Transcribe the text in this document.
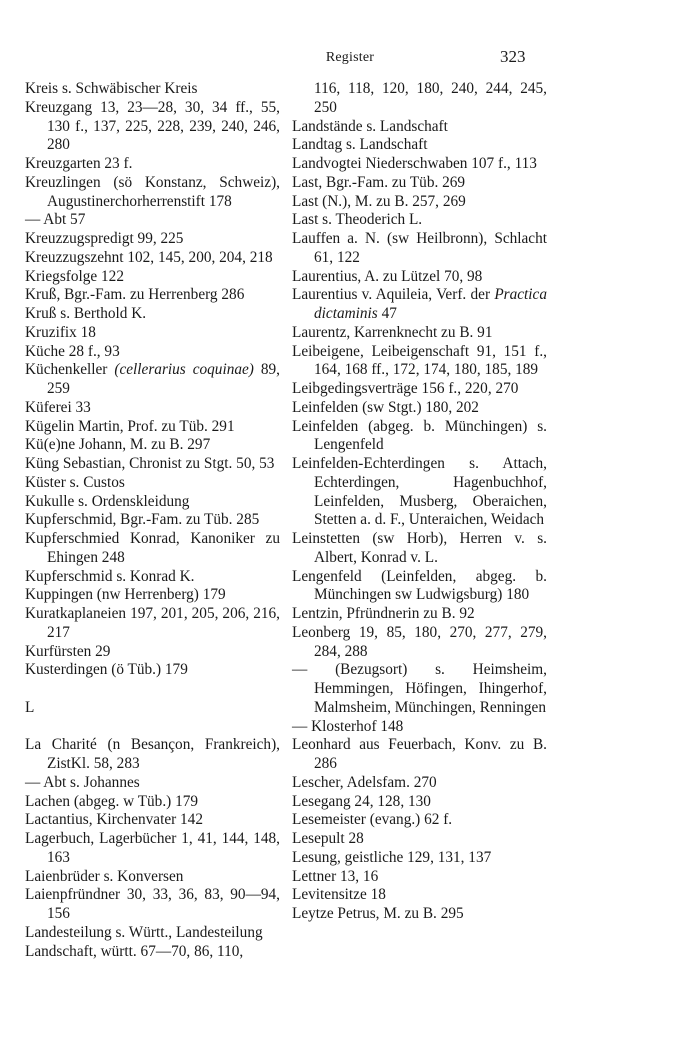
Register	323
Kreis s. Schwäbischer Kreis
Kreuzgang 13, 23—28, 30, 34 ff., 55, 130 f., 137, 225, 228, 239, 240, 246, 280
Kreuzgarten 23 f.
Kreuzlingen (sö Konstanz, Schweiz), Augustinerchorherrenstift 178
— Abt 57
Kreuzzugspredigt 99, 225
Kreuzzugszehnt 102, 145, 200, 204, 218
Kriegsfolge 122
Kruß, Bgr.-Fam. zu Herrenberg 286
Kruß s. Berthold K.
Kruzifix 18
Küche 28 f., 93
Küchenkeller (cellerarius coquinae) 89, 259
Küferei 33
Kügelin Martin, Prof. zu Tüb. 291
Kü(e)ne Johann, M. zu B. 297
Küng Sebastian, Chronist zu Stgt. 50, 53
Küster s. Custos
Kukulle s. Ordenskleidung
Kupferschmid, Bgr.-Fam. zu Tüb. 285
Kupferschmied Konrad, Kanoniker zu Ehingen 248
Kupferschmid s. Konrad K.
Kuppingen (nw Herrenberg) 179
Kuratkaplaneien 197, 201, 205, 206, 216, 217
Kurfürsten 29
Kusterdingen (ö Tüb.) 179
L
La Charité (n Besançon, Frankreich), ZistKl. 58, 283
— Abt s. Johannes
Lachen (abgeg. w Tüb.) 179
Lactantius, Kirchenvater 142
Lagerbuch, Lagerbücher 1, 41, 144, 148, 163
Laienbrüder s. Konversen
Laienpfründner 30, 33, 36, 83, 90—94, 156
Landesteilung s. Württ., Landesteilung
Landschaft, württ. 67—70, 86, 110,
116, 118, 120, 180, 240, 244, 245, 250
Landstände s. Landschaft
Landtag s. Landschaft
Landvogtei Niederschwaben 107 f., 113
Last, Bgr.-Fam. zu Tüb. 269
Last (N.), M. zu B. 257, 269
Last s. Theoderich L.
Lauffen a. N. (sw Heilbronn), Schlacht 61, 122
Laurentius, A. zu Lützel 70, 98
Laurentius v. Aquileia, Verf. der Practica dictaminis 47
Laurentz, Karrenknecht zu B. 91
Leibeigene, Leibeigenschaft 91, 151 f., 164, 168 ff., 172, 174, 180, 185, 189
Leibgedingsverträge 156 f., 220, 270
Leinfelden (sw Stgt.) 180, 202
Leinfelden (abgeg. b. Münchingen) s. Lengenfeld
Leinfelden-Echterdingen s. Attach, Echterdingen, Hagenbuchhof, Leinfelden, Musberg, Oberaichen, Stetten a. d. F., Unteraichen, Weidach
Leinstetten (sw Horb), Herren v. s. Albert, Konrad v. L.
Lengenfeld (Leinfelden, abgeg. b. Münchingen sw Ludwigsburg) 180
Lentzin, Pfründnerin zu B. 92
Leonberg 19, 85, 180, 270, 277, 279, 284, 288
— (Bezugsort) s. Heimsheim, Hemmingen, Höfingen, Ihingerhof, Malmsheim, Münchingen, Renningen
— Klosterhof 148
Leonhard aus Feuerbach, Konv. zu B. 286
Lescher, Adelsfam. 270
Lesegang 24, 128, 130
Lesemeister (evang.) 62 f.
Lesepult 28
Lesung, geistliche 129, 131, 137
Lettner 13, 16
Levitensitze 18
Leytze Petrus, M. zu B. 295
